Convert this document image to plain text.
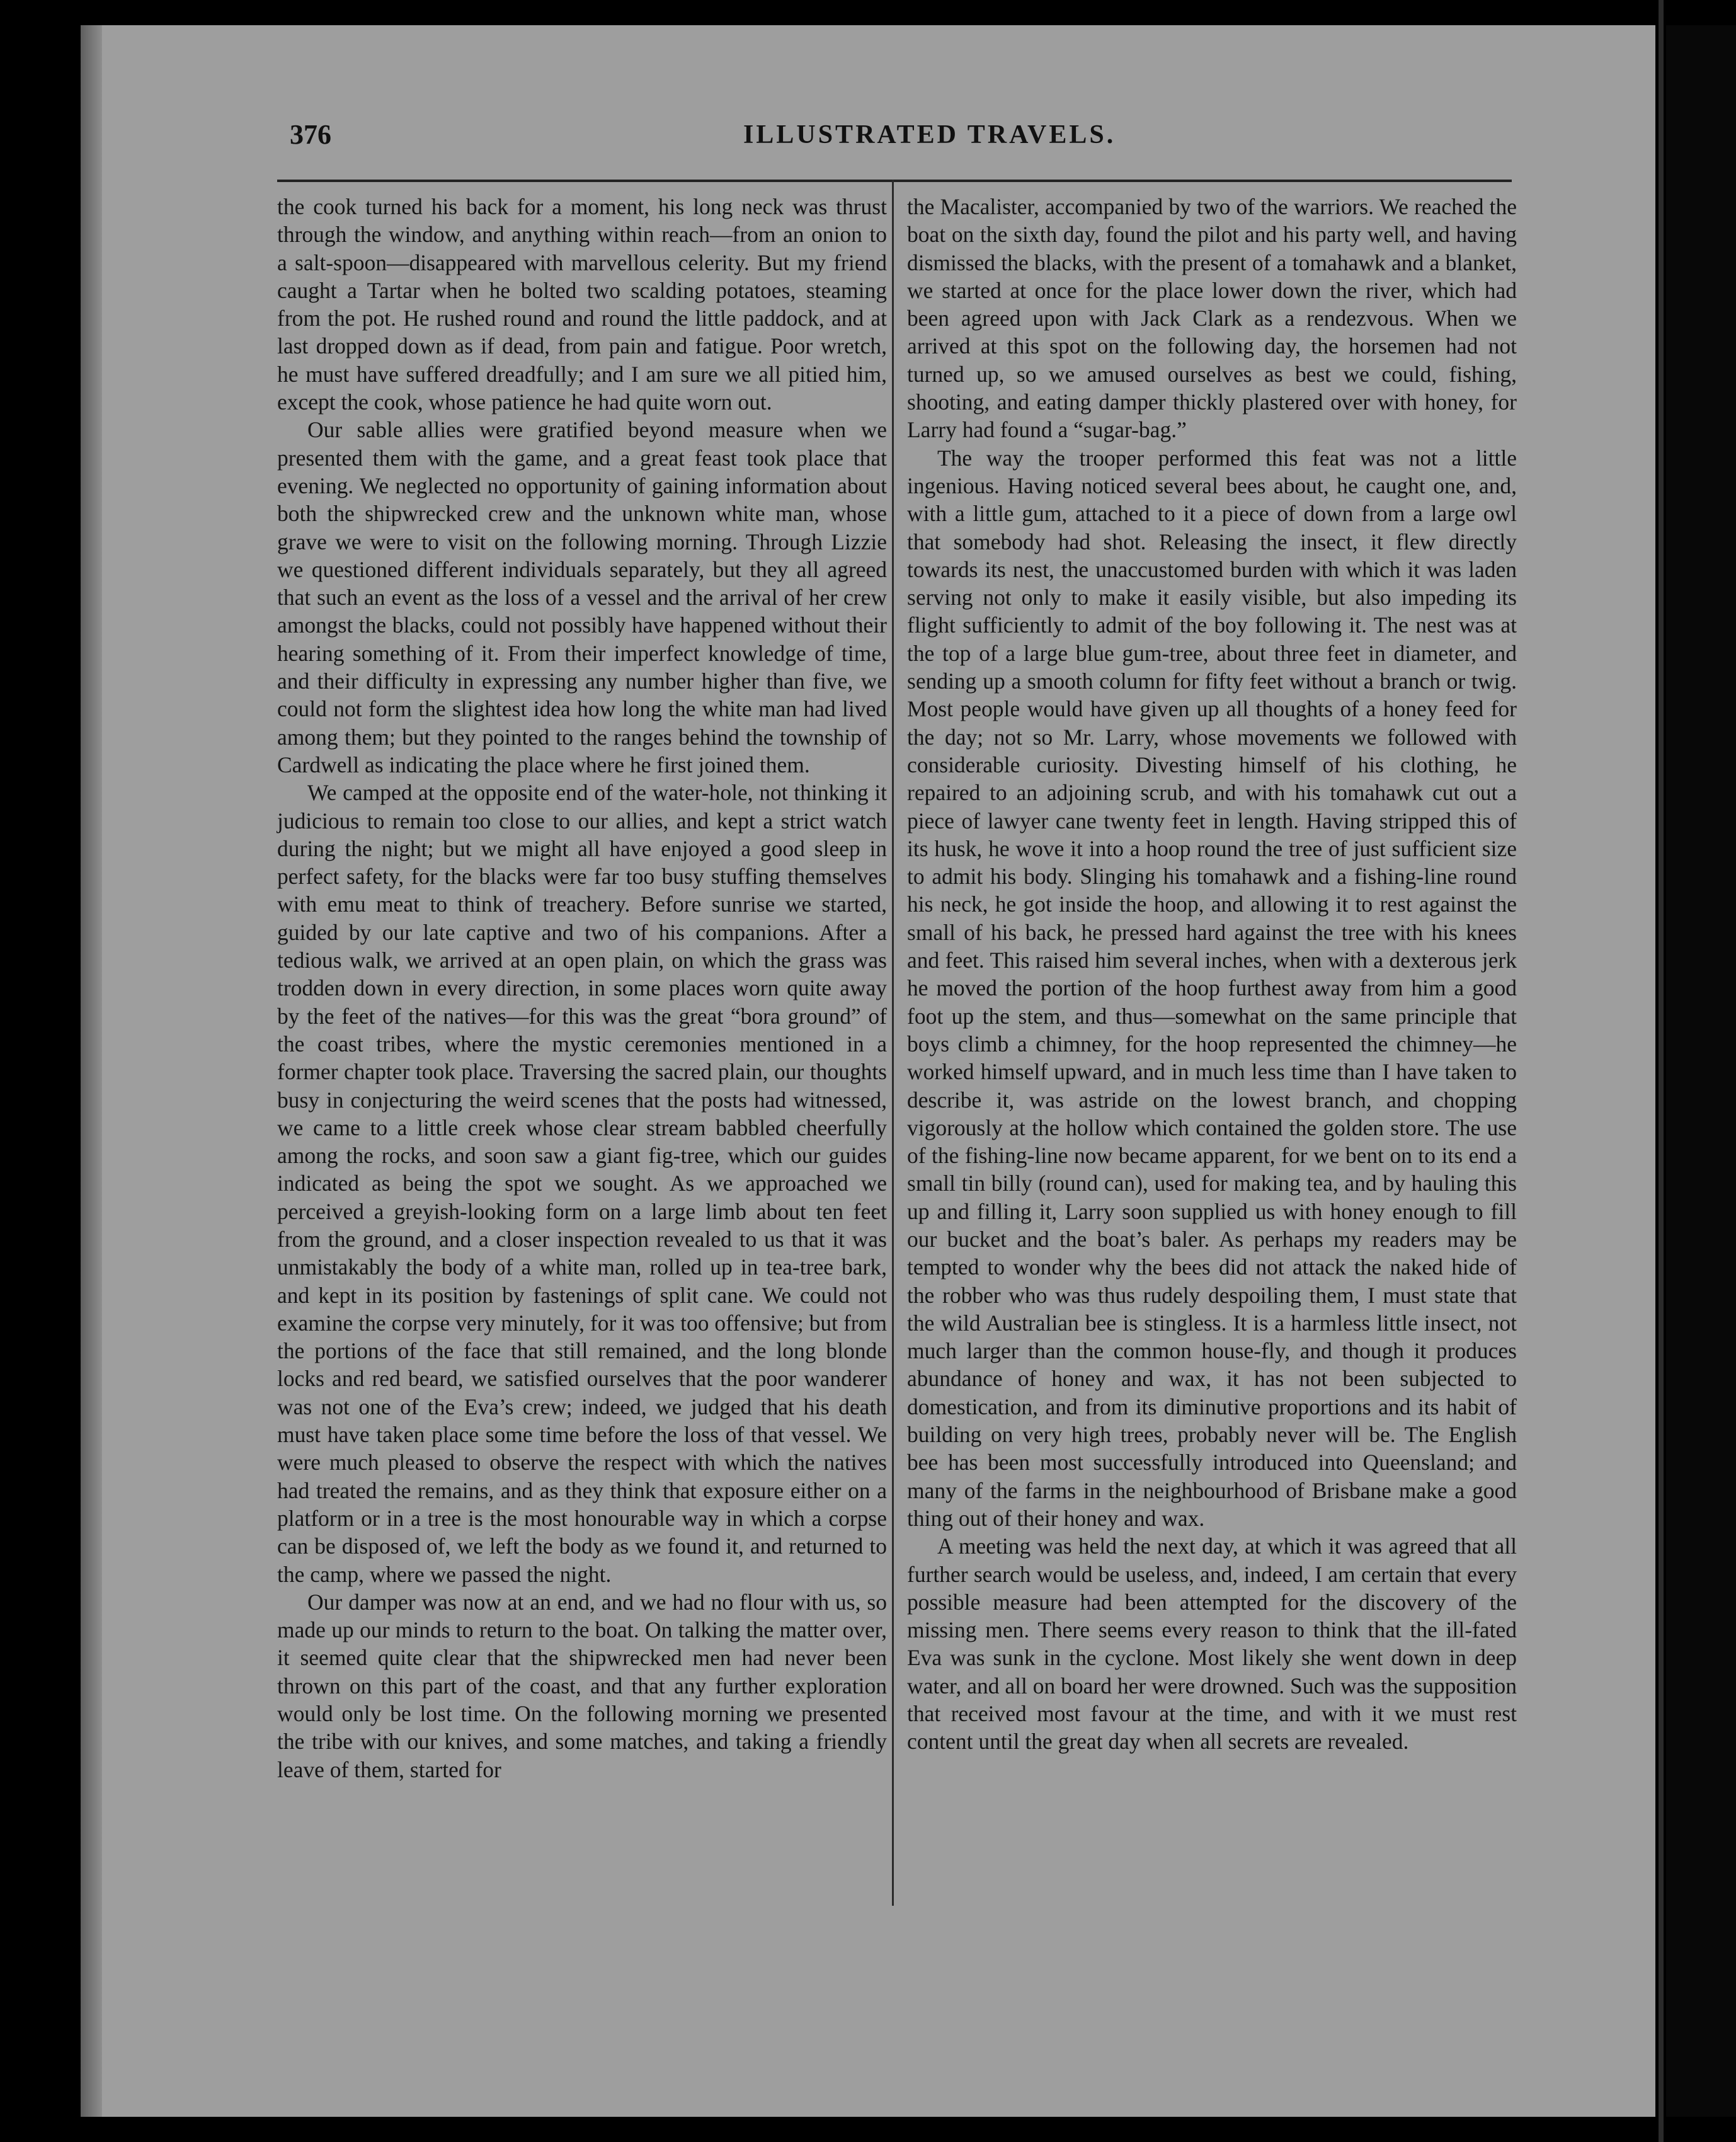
376	ILLUSTRATED TRAVELS.

the cook turned his back for a moment, his long neck was thrust through the window, and anything within reach—from an onion to a salt-spoon—disappeared with marvellous celerity. But my friend caught a Tartar when he bolted two scalding potatoes, steaming from the pot. He rushed round and round the little paddock, and at last dropped down as if dead, from pain and fatigue. Poor wretch, he must have suffered dreadfully; and I am sure we all pitied him, except the cook, whose patience he had quite worn out.

Our sable allies were gratified beyond measure when we presented them with the game, and a great feast took place that evening. We neglected no opportunity of gaining information about both the shipwrecked crew and the unknown white man, whose grave we were to visit on the following morning. Through Lizzie we questioned different individuals separately, but they all agreed that such an event as the loss of a vessel and the arrival of her crew amongst the blacks, could not possibly have happened without their hearing something of it. From their imperfect knowledge of time, and their difficulty in expressing any number higher than five, we could not form the slightest idea how long the white man had lived among them; but they pointed to the ranges behind the township of Cardwell as indicating the place where he first joined them.

We camped at the opposite end of the water-hole, not thinking it judicious to remain too close to our allies, and kept a strict watch during the night; but we might all have enjoyed a good sleep in perfect safety, for the blacks were far too busy stuffing themselves with emu meat to think of treachery. Before sunrise we started, guided by our late captive and two of his companions. After a tedious walk, we arrived at an open plain, on which the grass was trodden down in every direction, in some places worn quite away by the feet of the natives—for this was the great “bora ground” of the coast tribes, where the mystic ceremonies mentioned in a former chapter took place. Traversing the sacred plain, our thoughts busy in conjecturing the weird scenes that the posts had witnessed, we came to a little creek whose clear stream babbled cheerfully among the rocks, and soon saw a giant fig-tree, which our guides indicated as being the spot we sought. As we approached we perceived a greyish-looking form on a large limb about ten feet from the ground, and a closer inspection revealed to us that it was unmistakably the body of a white man, rolled up in tea-tree bark, and kept in its position by fastenings of split cane. We could not examine the corpse very minutely, for it was too offensive; but from the portions of the face that still remained, and the long blonde locks and red beard, we satisfied ourselves that the poor wanderer was not one of the Eva’s crew; indeed, we judged that his death must have taken place some time before the loss of that vessel. We were much pleased to observe the respect with which the natives had treated the remains, and as they think that exposure either on a platform or in a tree is the most honourable way in which a corpse can be disposed of, we left the body as we found it, and returned to the camp, where we passed the night.

Our damper was now at an end, and we had no flour with us, so made up our minds to return to the boat. On talking the matter over, it seemed quite clear that the shipwrecked men had never been thrown on this part of the coast, and that any further exploration would only be lost time. On the following morning we presented the tribe with our knives, and some matches, and taking a friendly leave of them, started for

the Macalister, accompanied by two of the warriors. We reached the boat on the sixth day, found the pilot and his party well, and having dismissed the blacks, with the present of a tomahawk and a blanket, we started at once for the place lower down the river, which had been agreed upon with Jack Clark as a rendezvous. When we arrived at this spot on the following day, the horsemen had not turned up, so we amused ourselves as best we could, fishing, shooting, and eating damper thickly plastered over with honey, for Larry had found a “sugar-bag.”

The way the trooper performed this feat was not a little ingenious. Having noticed several bees about, he caught one, and, with a little gum, attached to it a piece of down from a large owl that somebody had shot. Releasing the insect, it flew directly towards its nest, the unaccustomed burden with which it was laden serving not only to make it easily visible, but also impeding its flight sufficiently to admit of the boy following it. The nest was at the top of a large blue gum-tree, about three feet in diameter, and sending up a smooth column for fifty feet without a branch or twig. Most people would have given up all thoughts of a honey feed for the day; not so Mr. Larry, whose movements we followed with considerable curiosity. Divesting himself of his clothing, he repaired to an adjoining scrub, and with his tomahawk cut out a piece of lawyer cane twenty feet in length. Having stripped this of its husk, he wove it into a hoop round the tree of just sufficient size to admit his body. Slinging his tomahawk and a fishing-line round his neck, he got inside the hoop, and allowing it to rest against the small of his back, he pressed hard against the tree with his knees and feet. This raised him several inches, when with a dexterous jerk he moved the portion of the hoop furthest away from him a good foot up the stem, and thus—somewhat on the same principle that boys climb a chimney, for the hoop represented the chimney—he worked himself upward, and in much less time than I have taken to describe it, was astride on the lowest branch, and chopping vigorously at the hollow which contained the golden store. The use of the fishing-line now became apparent, for we bent on to its end a small tin billy (round can), used for making tea, and by hauling this up and filling it, Larry soon supplied us with honey enough to fill our bucket and the boat’s baler. As perhaps my readers may be tempted to wonder why the bees did not attack the naked hide of the robber who was thus rudely despoiling them, I must state that the wild Australian bee is stingless. It is a harmless little insect, not much larger than the common house-fly, and though it produces abundance of honey and wax, it has not been subjected to domestication, and from its diminutive proportions and its habit of building on very high trees, probably never will be. The English bee has been most successfully introduced into Queensland; and many of the farms in the neighbourhood of Brisbane make a good thing out of their honey and wax.

A meeting was held the next day, at which it was agreed that all further search would be useless, and, indeed, I am certain that every possible measure had been attempted for the discovery of the missing men. There seems every reason to think that the ill-fated Eva was sunk in the cyclone. Most likely she went down in deep water, and all on board her were drowned. Such was the supposition that received most favour at the time, and with it we must rest content until the great day when all secrets are revealed.
